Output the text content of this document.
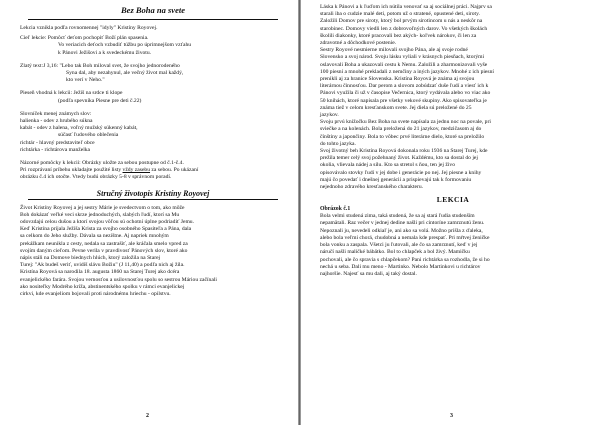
Bez Boha na svete

Lekcia vznikla podľa rovnomennej "idyly" Kristíny Royovej.

Cieľ lekcie: Pomôcť deťom pochopiť Boží plán spasenia.

Vo veriacich deťoch vzbudiť túžbu po úprimnejšom vzťahu

k Pánovi Ježišovi a k svedeckému životu.

Zlatý text:J 3,16: "Lebo tak Boh miloval svet, že svojho jednorodeného

Syna dal, aby nezahynul, ale večný život mal každý,

kto verí v Neho."

Pieseň vhodná k lekcii: Ježiš na srdce ti klope

(podľa spevníka Piesne pre deti č.22)

Slovníček menej známych slov:

halienka - odev z hrubého súkna

kabát - odev z halena, voľný mužský súkenný kabát,

súčasť ľudového oblečenia

richtár - hlavný predstaviteľ obce

richtárka - richtárova manželka

Názorné pomôcky k lekcii: Obrázky uložte za sebou postupne od č.1-č.4.

Pri rozprávaní príbehu ukladajte použité listy vždy zasebu za sebou. Po ukázaní

obrázku č.4 ich otočte. Vtedy budú obrázky 5-8 v správnom poradí.

Stručný životopis Kristíny Royovej

Život Kristíny Royovej a jej sestry Márie je svedectvom o tom, ako môže

Boh dokázať veľké veci skrze jednoduchých, slabých ľudí, ktorí sa Mu

odovzdajú celou dušou a ktorí svojou vôľou sú ochotní úplne podriadiť Jemu.

Keď Kristína prijala Ježiša Krista za svojho osobného Spasiteľa a Pána, dala

sa celkom do Jeho služby. Dávala sa nezištne. Aj napriek mnohým

prekážkam neunikla z cesty, nedala sa zastrašiť, ale kráčala smelo vpred za

svojím daným cieľom. Pevne verila v pravdivosť Pánových slov, ktoré ako

nápis stáli na Domove biednych hlúch, ktorý založila na Starej

Turej: "Ak budeš veriť, uvidíš slávu Božiu" (J 11,40) a podľa nich aj žila.

Kristína Royová sa narodila 18. augusta 1860 na Starej Turej ako dcéra

evanjelického farára. Svojou vernosťou a usilovnosťou spolu so sestrou Máriou začínali

ako nositeľky Modrého kríža, abstinentského spolku v rámci evanjelickej

cirkvi, kde evanjeliom bojovali proti národnému hriechu - opilstvu.

2

Láska k Pánovi a k ľuďom ich nútila venovať sa aj sociálnej práci. Najprv sa

starali iba o cudzie malé deti, potom už o stratené, opustené deti, siroty.

Založili Domov pre siroty, ktorý bol prvým sirotincom u nás a neskôr na

starobinec. Domovy viedli len z dobrovoľných darov. Vo všetkých školách

školili diakonky, ktoré pracovali bez akých- koľvek nárokov, či len za

zdravotné a dôchodkové postenie.

Sestry Royové nesmierne milovali svojho Pána, ale aj svoje rodné

Slovensko a svoj národ. Svoju lásku vyliali v krásnych piesňach, ktorými

oslavovali Boha a ukazovali cestu k Nemu. Založili a zharmonizovali vyše

100 piesní a mnohé prekladali z nemčiny a iných jazykov. Mnohé z ich piesní

prenikli aj za hranice Slovenska. Kristína Royová je známa aj svojou

literárnou činnosťou. Dar perom a slovom zobúdzať duše ľudí a viesť ich k

Pánovi využila či už v časopise Večernica, ktorý vydávala alebo vo viac ako

50 knihách, ktoré napísala pre všetky vekové skupiny. Ako spisovateľka je

známa tiež v celom kresťanskom svete. Jej diela sú preložené do 25

jazykov.

Svoju prvú knižočku Bez Boha na svete napísala za jednu noc na povale, pri

sviečke a na kolenách. Bola preložená do 21 jazykov, medzičasom aj do

čínštiny a japončiny. Bola to vôbec prvé literárne dielo, ktoré sa preložilo

do tohto jazyka.

Svoj životný beh Kristína Royová dokonala roku 1936 na Starej Turej, kde

prežila temer celý svoj požehnaný život. Každému, kto sa dostal do jej

okolia, vlievala nádej a silu. Kto sa stretol s ňou, ten jej živo

opisovávalo stovky ľudí v jej dobe i generácie po nej. Jej piesne a knihy

majú čo povedať i dnešnej generácii a prispievajú tak k formovaniu

nejednoho zdravého kresťanského charakteru.

LEKCIA
Obrázok č.1

Bola velmi studená zima, taká studená, že sa aj stará ľudia studenším

nepamätali. Raz večer v jednej dedine našli pri cintoríne zamrznutú ženu.

Nepoznali ju, nevedeli odkiaľ je, ani ako sa volá. Možno prišla z ďaleka,

alebo bola veľmi chorá, chudobná a nemala kde prespať. Pri mŕtvej ženičke

bola vonku a zaspala. Všetci ju ľutovali, ale čo sa zamrznutí, keď v jej

náručí našli maličké bábätko. Bol to chlapček a bol živý. Mamičku

pochovali, ale čo spravia s chlapčekom? Pani richtárka sa rozhodla, že si ho

nechá u seba. Dali mu meno - Martinko. Nebolo Martinkovi u richtárov

najhoršie. Najesť sa mu dali, aj taký dostal.

3
